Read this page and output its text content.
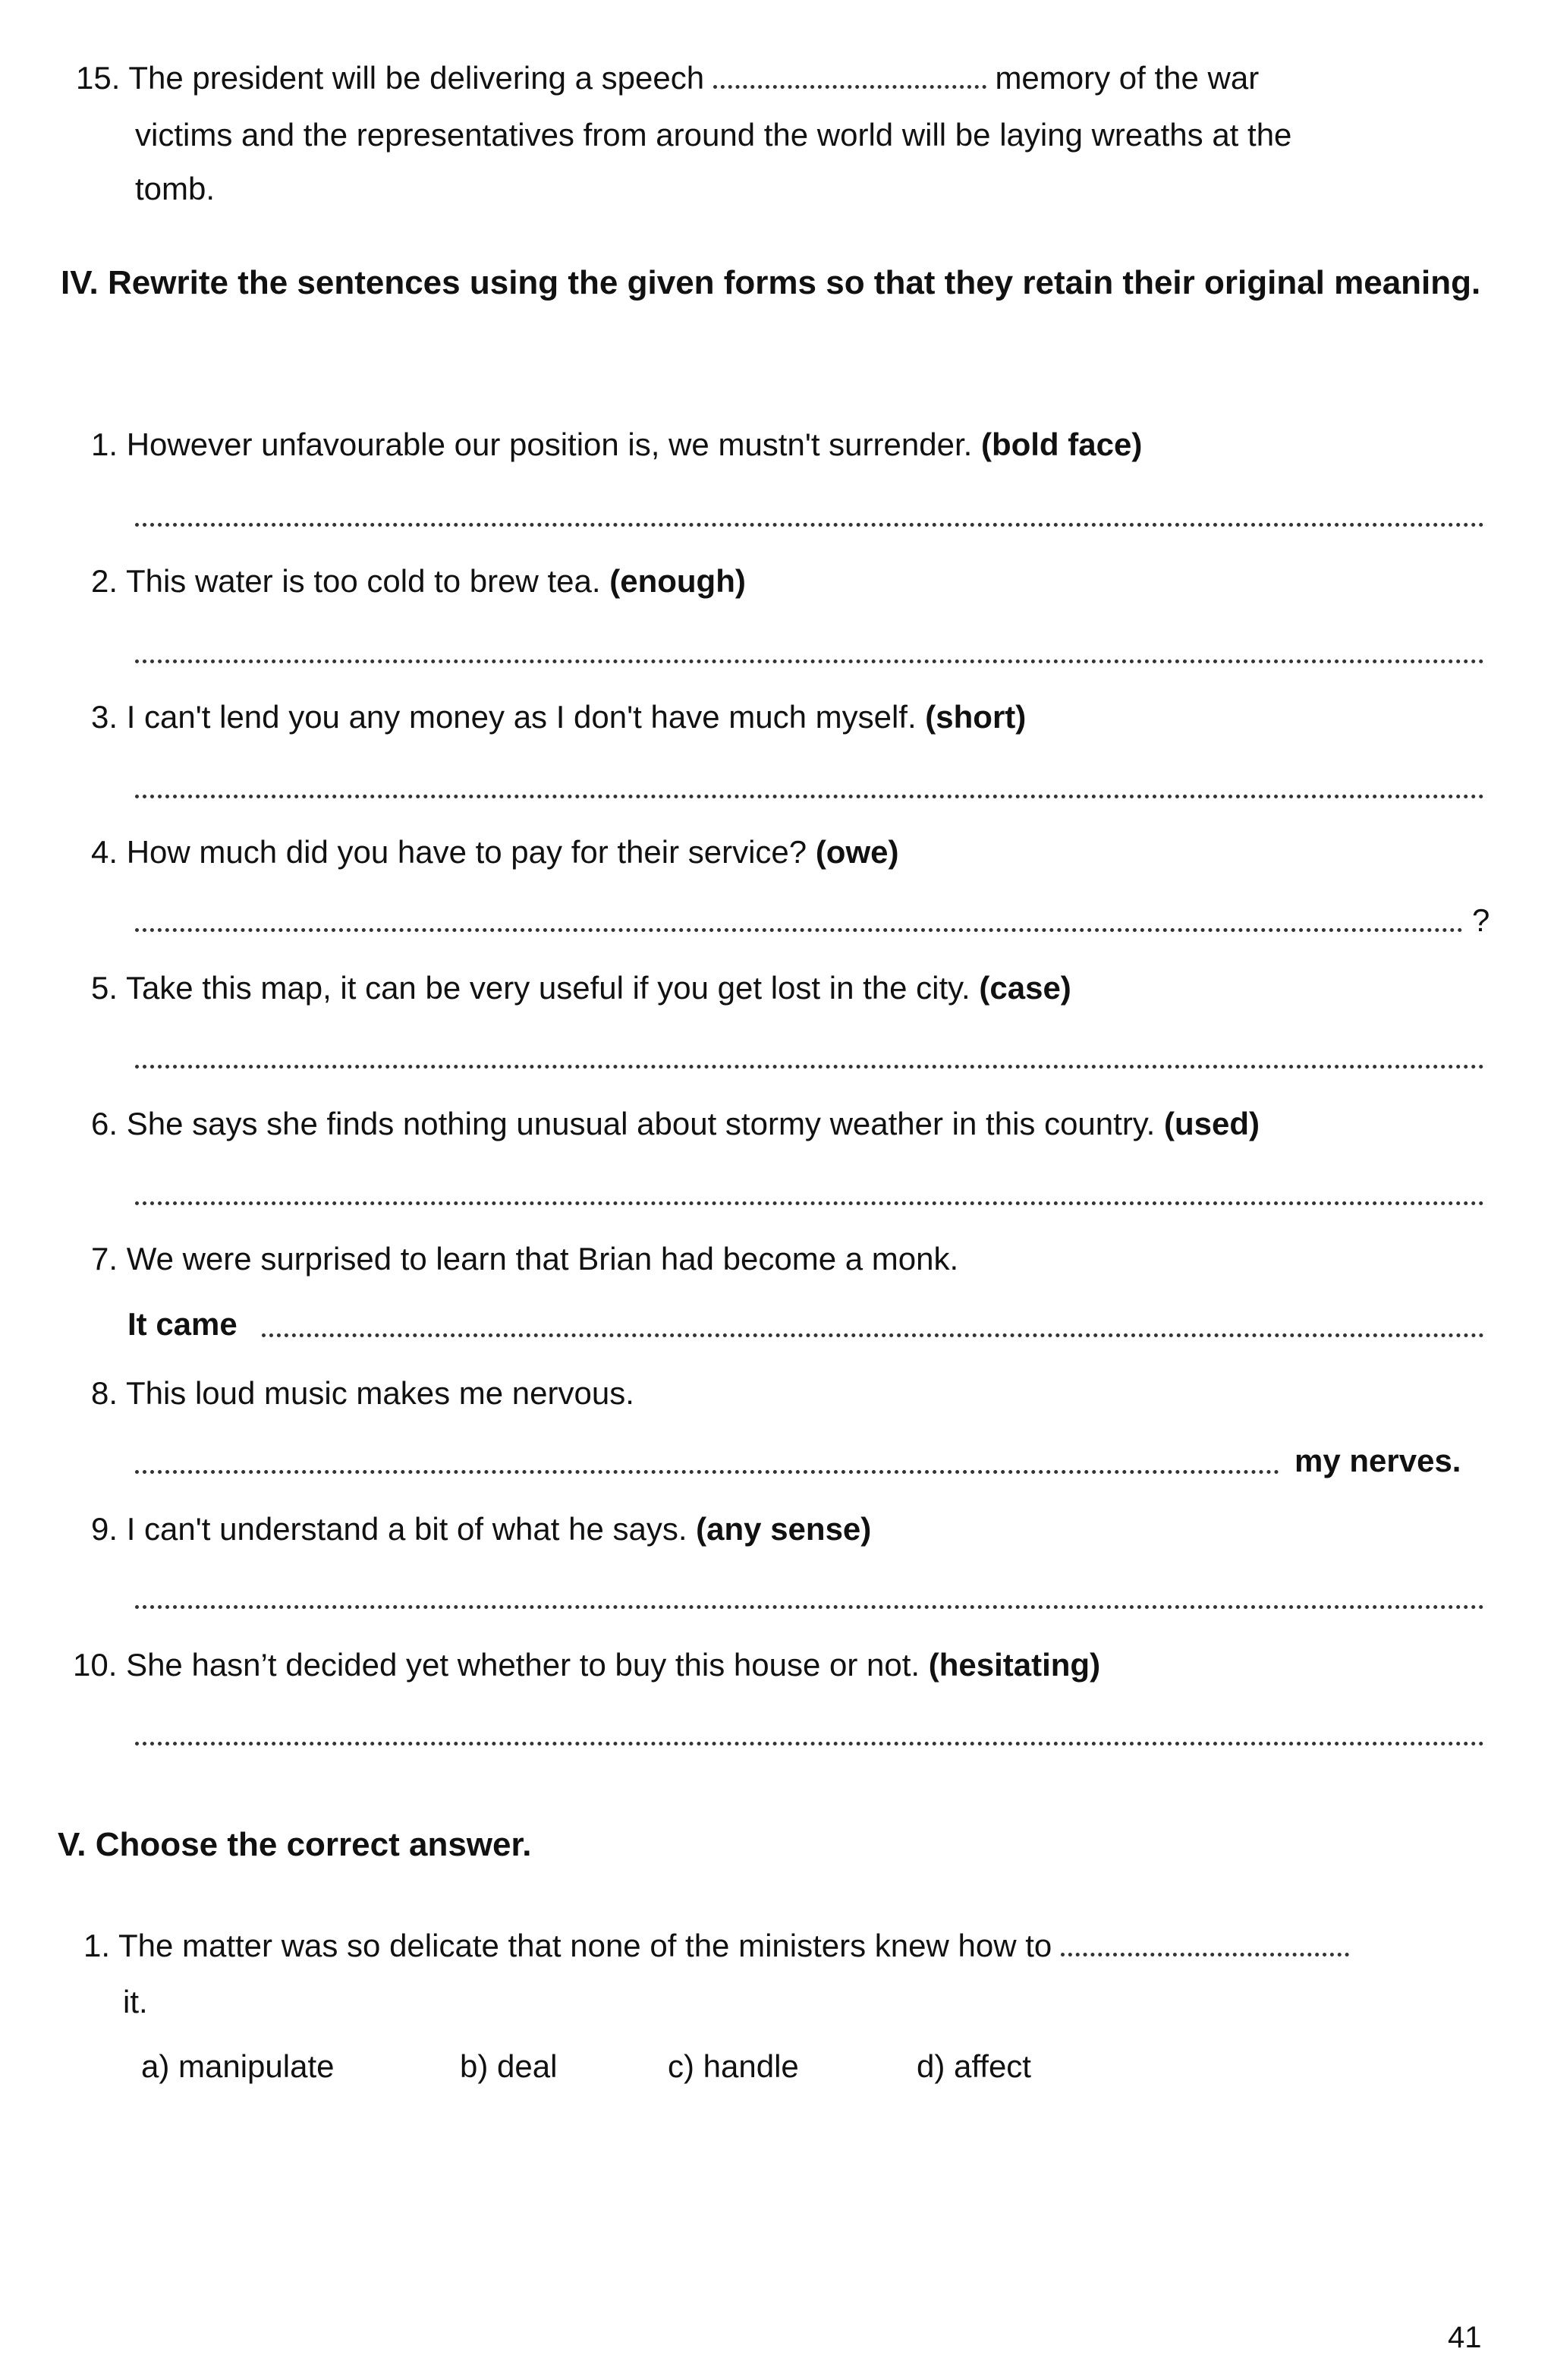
15. The president will be delivering a speech	memory of the war
victims and the representatives from around the world will be laying wreaths at the
tomb.
IV. Rewrite the sentences using the given forms so that they retain their original meaning.
1. However unfavourable our position is, we mustn't surrender. (bold face)
2. This water is too cold to brew tea. (enough)
3. I can't lend you any money as I don't have much myself. (short)
4. How much did you have to pay for their service? (owe)
?
5. Take this map, it can be very useful if you get lost in the city. (case)
6. She says she finds nothing unusual about stormy weather in this country. (used)
7. We were surprised to learn that Brian had become a monk.
It came
8. This loud music makes me nervous.
my nerves.
9. I can't understand a bit of what he says. (any sense)
10. She hasn’t decided yet whether to buy this house or not. (hesitating)
V. Choose the correct answer.
1. The matter was so delicate that none of the ministers knew how to
it.
a) manipulate	b) deal	c) handle	d) affect
41
